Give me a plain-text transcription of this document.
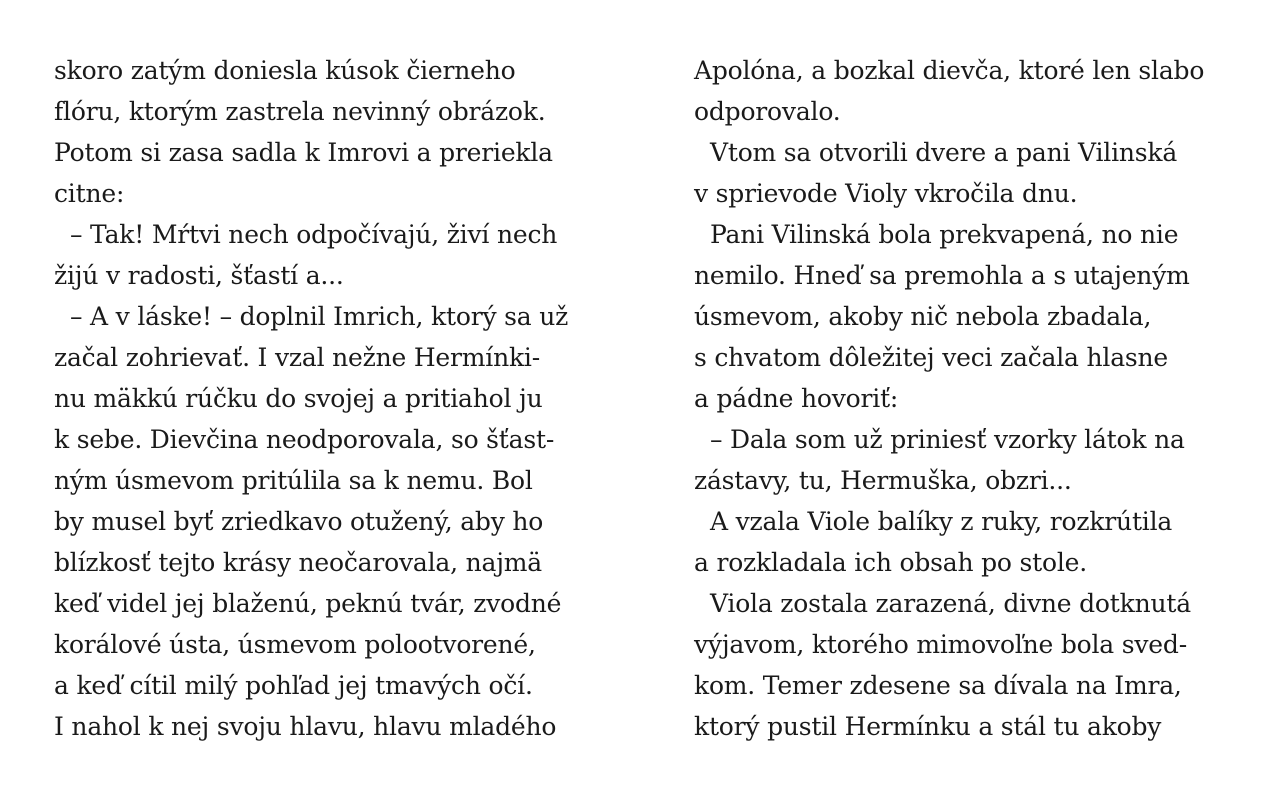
skoro zatým doniesla kúsok čierneho
flóru, ktorým zastrela nevinný obrázok.
Potom si zasa sadla k Imrovi a preriekla
citne:
– Tak! Mŕtvi nech odpočívajú, živí nech
žijú v radosti, šťastí a...
– A v láske! – doplnil Imrich, ktorý sa už
začal zohrievať. I vzal nežne Hermínki-
nu mäkkú rúčku do svojej a pritiahol ju
k sebe. Dievčina neodporovala, so šťast-
ným úsmevom pritúlila sa k nemu. Bol
by musel byť zriedkavo otužený, aby ho
blízkosť tejto krásy neočarovala, najmä
keď videl jej blaženú, peknú tvár, zvodné
korálové ústa, úsmevom polootvorené,
a keď cítil milý pohľad jej tmavých očí.
I nahol k nej svoju hlavu, hlavu mladého
Apolóna, a bozkal dievča, ktoré len slabo
odporovalo.
Vtom sa otvorili dvere a pani Vilinská
v sprievode Violy vkročila dnu.
Pani Vilinská bola prekvapená, no nie
nemilo. Hneď sa premohla a s utajeným
úsmevom, akoby nič nebola zbadala,
s chvatom dôležitej veci začala hlasne
a pádne hovoriť:
– Dala som už priniesť vzorky látok na
zástavy, tu, Hermuška, obzri...
A vzala Viole balíky z ruky, rozkrútila
a rozkladala ich obsah po stole.
Viola zostala zarazená, divne dotknutá
výjavom, ktorého mimovoľne bola sved-
kom. Temer zdesene sa dívala na Imra,
ktorý pustil Hermínku a stál tu akoby
